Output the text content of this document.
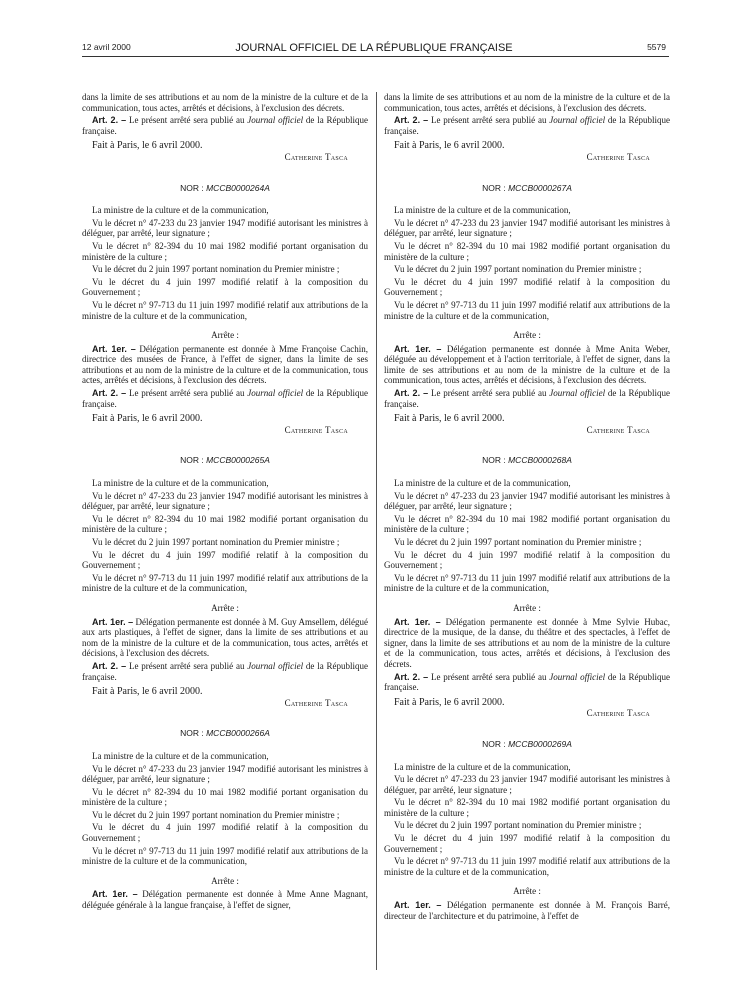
12 avril 2000	JOURNAL OFFICIEL DE LA RÉPUBLIQUE FRANÇAISE	5579

dans la limite de ses attributions et au nom de la ministre de la culture et de la communication, tous actes, arrêtés et décisions, à l'exclusion des décrets.

Art. 2. – Le présent arrêté sera publié au Journal officiel de la République française.

Fait à Paris, le 6 avril 2000.

Catherine Tasca

NOR : MCCB0000264A

La ministre de la culture et de la communication,

Vu le décret n° 47-233 du 23 janvier 1947 modifié autorisant les ministres à déléguer, par arrêté, leur signature ;

Vu le décret n° 82-394 du 10 mai 1982 modifié portant organisation du ministère de la culture ;

Vu le décret du 2 juin 1997 portant nomination du Premier ministre ;

Vu le décret du 4 juin 1997 modifié relatif à la composition du Gouvernement ;

Vu le décret n° 97-713 du 11 juin 1997 modifié relatif aux attributions de la ministre de la culture et de la communication,

Arrête :

Art. 1er. – Délégation permanente est donnée à Mme Françoise Cachin, directrice des musées de France, à l'effet de signer, dans la limite de ses attributions et au nom de la ministre de la culture et de la communication, tous actes, arrêtés et décisions, à l'exclusion des décrets.

Art. 2. – Le présent arrêté sera publié au Journal officiel de la République française.

Fait à Paris, le 6 avril 2000.

Catherine Tasca

NOR : MCCB0000265A

La ministre de la culture et de la communication,

Vu le décret n° 47-233 du 23 janvier 1947 modifié autorisant les ministres à déléguer, par arrêté, leur signature ;

Vu le décret n° 82-394 du 10 mai 1982 modifié portant organisation du ministère de la culture ;

Vu le décret du 2 juin 1997 portant nomination du Premier ministre ;

Vu le décret du 4 juin 1997 modifié relatif à la composition du Gouvernement ;

Vu le décret n° 97-713 du 11 juin 1997 modifié relatif aux attributions de la ministre de la culture et de la communication,

Arrête :

Art. 1er. – Délégation permanente est donnée à M. Guy Amsellem, délégué aux arts plastiques, à l'effet de signer, dans la limite de ses attributions et au nom de la ministre de la culture et de la communication, tous actes, arrêtés et décisions, à l'exclusion des décrets.

Art. 2. – Le présent arrêté sera publié au Journal officiel de la République française.

Fait à Paris, le 6 avril 2000.

Catherine Tasca

NOR : MCCB0000266A

La ministre de la culture et de la communication,

Vu le décret n° 47-233 du 23 janvier 1947 modifié autorisant les ministres à déléguer, par arrêté, leur signature ;

Vu le décret n° 82-394 du 10 mai 1982 modifié portant organisation du ministère de la culture ;

Vu le décret du 2 juin 1997 portant nomination du Premier ministre ;

Vu le décret du 4 juin 1997 modifié relatif à la composition du Gouvernement ;

Vu le décret n° 97-713 du 11 juin 1997 modifié relatif aux attributions de la ministre de la culture et de la communication,

Arrête :

Art. 1er. – Délégation permanente est donnée à Mme Anne Magnant, déléguée générale à la langue française, à l'effet de signer,

dans la limite de ses attributions et au nom de la ministre de la culture et de la communication, tous actes, arrêtés et décisions, à l'exclusion des décrets.

Art. 2. – Le présent arrêté sera publié au Journal officiel de la République française.

Fait à Paris, le 6 avril 2000.

Catherine Tasca

NOR : MCCB0000267A

La ministre de la culture et de la communication,

Vu le décret n° 47-233 du 23 janvier 1947 modifié autorisant les ministres à déléguer, par arrêté, leur signature ;

Vu le décret n° 82-394 du 10 mai 1982 modifié portant organisation du ministère de la culture ;

Vu le décret du 2 juin 1997 portant nomination du Premier ministre ;

Vu le décret du 4 juin 1997 modifié relatif à la composition du Gouvernement ;

Vu le décret n° 97-713 du 11 juin 1997 modifié relatif aux attributions de la ministre de la culture et de la communication,

Arrête :

Art. 1er. – Délégation permanente est donnée à Mme Anita Weber, déléguée au développement et à l'action territoriale, à l'effet de signer, dans la limite de ses attributions et au nom de la ministre de la culture et de la communication, tous actes, arrêtés et décisions, à l'exclusion des décrets.

Art. 2. – Le présent arrêté sera publié au Journal officiel de la République française.

Fait à Paris, le 6 avril 2000.

Catherine Tasca

NOR : MCCB0000268A

La ministre de la culture et de la communication,

Vu le décret n° 47-233 du 23 janvier 1947 modifié autorisant les ministres à déléguer, par arrêté, leur signature ;

Vu le décret n° 82-394 du 10 mai 1982 modifié portant organisation du ministère de la culture ;

Vu le décret du 2 juin 1997 portant nomination du Premier ministre ;

Vu le décret du 4 juin 1997 modifié relatif à la composition du Gouvernement ;

Vu le décret n° 97-713 du 11 juin 1997 modifié relatif aux attributions de la ministre de la culture et de la communication,

Arrête :

Art. 1er. – Délégation permanente est donnée à Mme Sylvie Hubac, directrice de la musique, de la danse, du théâtre et des spectacles, à l'effet de signer, dans la limite de ses attributions et au nom de la ministre de la culture et de la communication, tous actes, arrêtés et décisions, à l'exclusion des décrets.

Art. 2. – Le présent arrêté sera publié au Journal officiel de la République française.

Fait à Paris, le 6 avril 2000.

Catherine Tasca

NOR : MCCB0000269A

La ministre de la culture et de la communication,

Vu le décret n° 47-233 du 23 janvier 1947 modifié autorisant les ministres à déléguer, par arrêté, leur signature ;

Vu le décret n° 82-394 du 10 mai 1982 modifié portant organisation du ministère de la culture ;

Vu le décret du 2 juin 1997 portant nomination du Premier ministre ;

Vu le décret du 4 juin 1997 modifié relatif à la composition du Gouvernement ;

Vu le décret n° 97-713 du 11 juin 1997 modifié relatif aux attributions de la ministre de la culture et de la communication,

Arrête :

Art. 1er. – Délégation permanente est donnée à M. François Barré, directeur de l'architecture et du patrimoine, à l'effet de
